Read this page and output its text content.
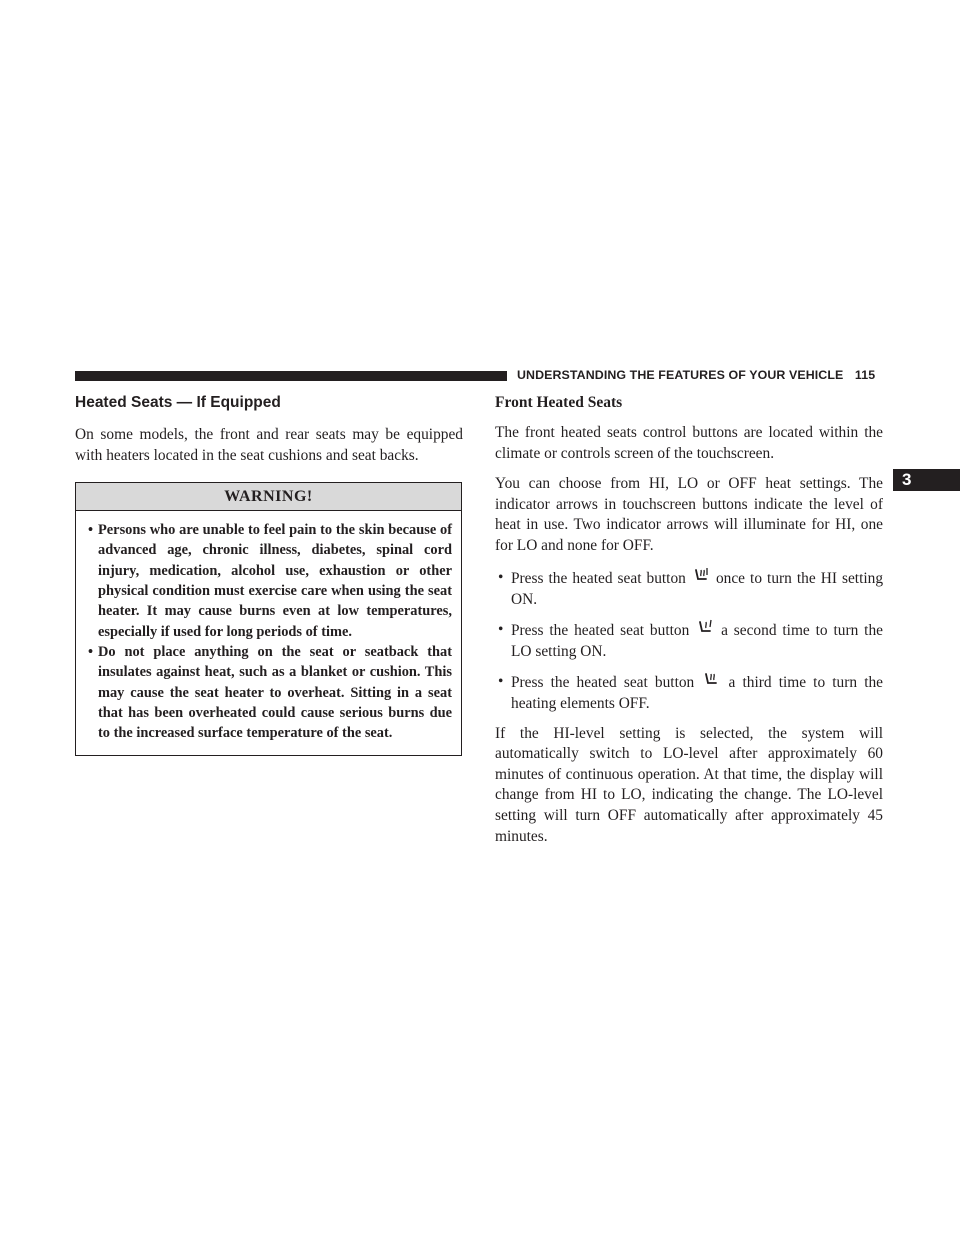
UNDERSTANDING THE FEATURES OF YOUR VEHICLE 115
Heated Seats — If Equipped

On some models, the front and rear seats may be equipped with heaters located in the seat cushions and seat backs.

WARNING!
• Persons who are unable to feel pain to the skin because of advanced age, chronic illness, diabetes, spinal cord injury, medication, alcohol use, exhaustion or other physical condition must exercise care when using the seat heater. It may cause burns even at low temperatures, especially if used for long periods of time.
• Do not place anything on the seat or seatback that insulates against heat, such as a blanket or cushion. This may cause the seat heater to overheat. Sitting in a seat that has been overheated could cause serious burns due to the increased surface temperature of the seat.
Front Heated Seats

The front heated seats control buttons are located within the climate or controls screen of the touchscreen.

You can choose from HI, LO or OFF heat settings. The indicator arrows in touchscreen buttons indicate the level of heat in use. Two indicator arrows will illuminate for HI, one for LO and none for OFF.

• Press the heated seat button once to turn the HI setting ON.
• Press the heated seat button a second time to turn the LO setting ON.
• Press the heated seat button a third time to turn the heating elements OFF.

If the HI-level setting is selected, the system will automatically switch to LO-level after approximately 60 minutes of continuous operation. At that time, the display will change from HI to LO, indicating the change. The LO-level setting will turn OFF automatically after approximately 45 minutes.

3
